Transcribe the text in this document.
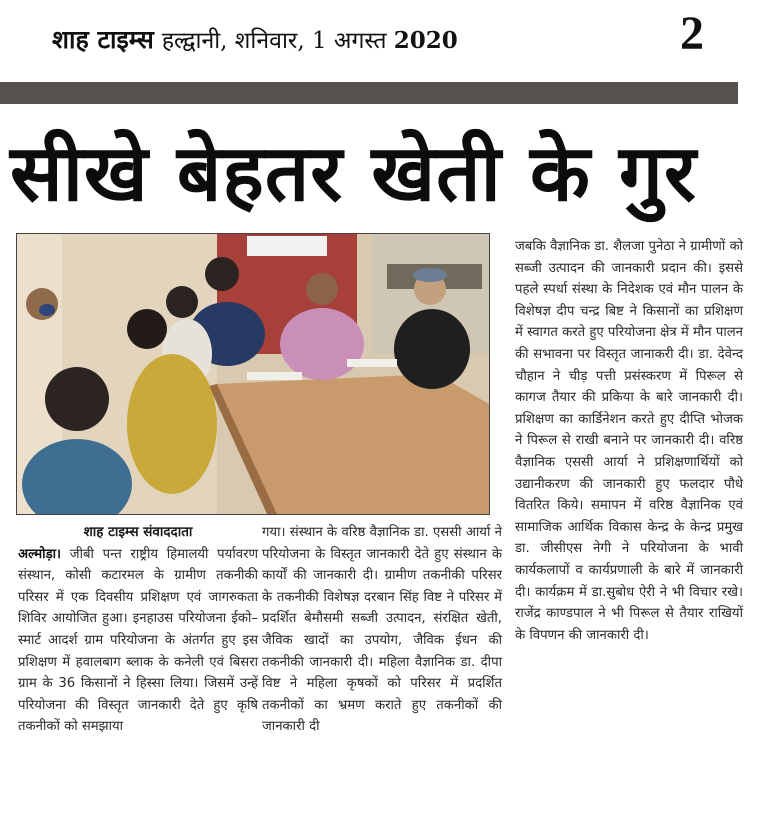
शाह टाइम्स हल्द्वानी, शनिवार, 1 अगस्त 2020	2
सीखे बेहतर खेती के गुर

शाह टाइम्स संवाददाता

अल्मोड़ा। जीबी पन्त राष्ट्रीय हिमालयी पर्यावरण संस्थान, कोसी कटारमल के ग्रामीण तकनीकी परिसर में एक दिवसीय प्रशिक्षण एवं जागरुकता शिविर आयोजित हुआ। इनहाउस परियोजना ईको–स्मार्ट आदर्श ग्राम परियोजना के अंतर्गत हुए इस प्रशिक्षण में हवालबाग ब्लाक के कनेली एवं बिसरा ग्राम के 36 किसानों ने हिस्सा लिया। जिसमें उन्हें परियोजना की विस्तृत जानकारी देते हुए कृषि तकनीकों को समझाया

गया। संस्थान के वरिष्ठ वैज्ञानिक डा. एससी आर्या ने परियोजना के विस्तृत जानकारी देते हुए संस्थान के कार्यों की जानकारी दी। ग्रामीण तकनीकी परिसर के तकनीकी विशेषज्ञ दरबान सिंह विष्ट ने परिसर में प्रदर्शित बेमौसमी सब्जी उत्पादन, संरक्षित खेती, जैविक खादों का उपयोग, जैविक ईधन की तकनीकी जानकारी दी। महिला वैज्ञानिक डा. दीपा विष्ट ने महिला कृषकों को परिसर में प्रदर्शित तकनीकों का भ्रमण कराते हुए तकनीकों की जानकारी दी

जबकि वैज्ञानिक डा. शैलजा पुनेठा ने ग्रामीणों को सब्जी उत्पादन की जानकारी प्रदान की। इससे पहले स्पर्धा संस्था के निदेशक एवं मौन पालन के विशेषज्ञ दीप चन्द्र बिष्ट ने किसानों का प्रशिक्षण में स्वागत करते हुए परियोजना क्षेत्र में मौन पालन की सभावना पर विस्तृत जानाकरी दी। डा. देवेन्द चौहान ने चीड़ पत्ती प्रसंस्करण में पिरूल से कागज तैयार की प्रकिया के बारे जानकारी दी। प्रशिक्षण का कार्डिनेशन करते हुए दीप्ति भोजक ने पिरूल से राखी बनाने पर जानकारी दी। वरिष्ठ वैज्ञानिक एससी आर्या ने प्रशिक्षणार्थियों को उद्यानीकरण की जानकारी हुए फलदार पौधे वितरित किये। समापन में वरिष्ठ वैज्ञानिक एवं सामाजिक आर्थिक विकास केन्द्र के केन्द्र प्रमुख डा. जीसीएस नेगी ने परियोजना के भावी कार्यकलापों व कार्यप्रणाली के बारे में जानकारी दी। कार्यक्रम में डा.सुबोध ऐरी ने भी विचार रखे। राजेंद्र काण्डपाल ने भी पिरूल से तैयार राखियों के विपणन की जानकारी दी।
